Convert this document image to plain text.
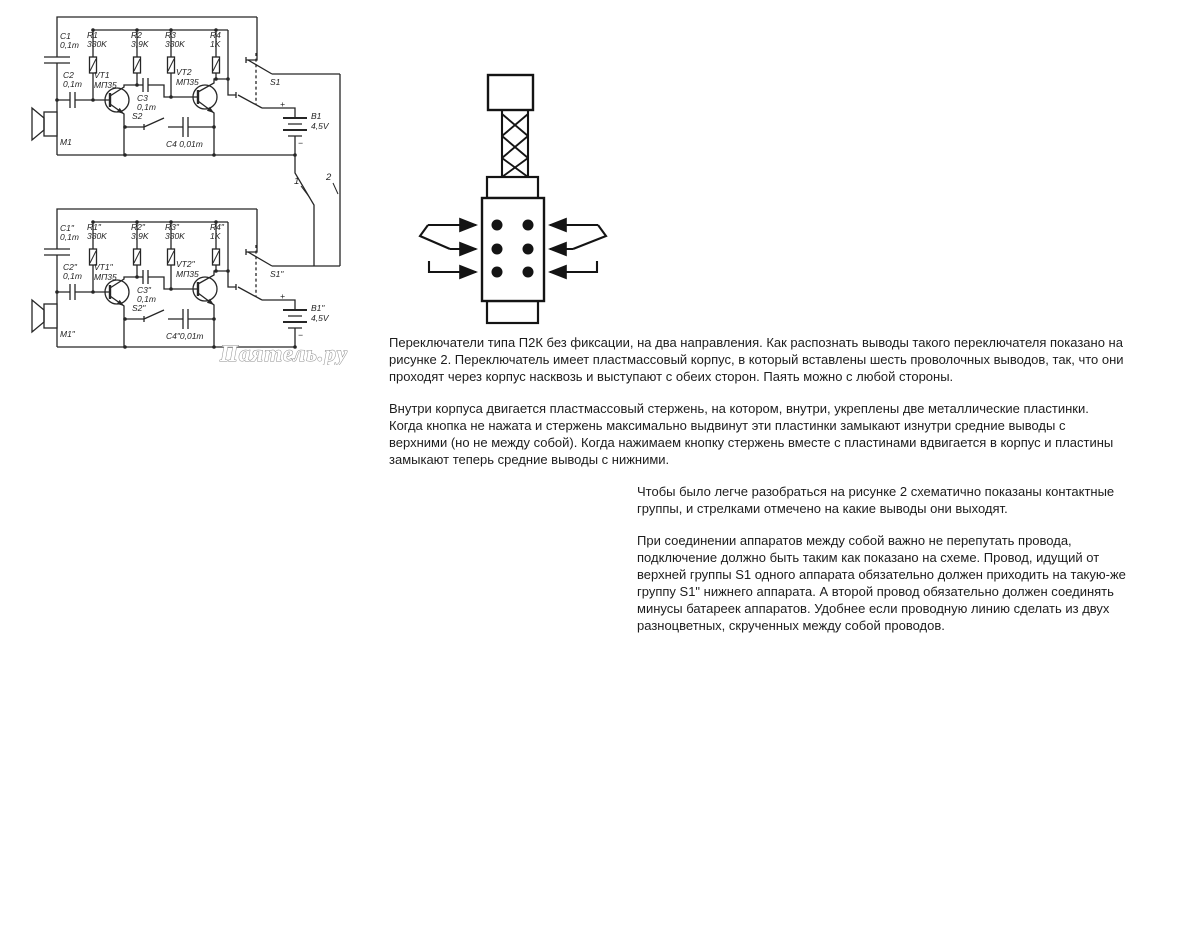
1	2
C1
0,1m
C2
0,1m
R1
330K
R2
3,9K
R3
330K
R4
1K
VT1
МП35
VT2
МП35
C3
0,1m
C4 0,01m
S2
S1
B1
4,5V
M1
+
−
C1"
0,1m
C2"
0,1m
R1"
330K
R2"
3,9K
R3"
330K
R4"
1K
VT1"
МП35
VT2"
МП35
C3"
0,1m
C4"0,01m
S2"
S1"
B1"
4,5V
M1"
+
−
Паятель.ру	Переключатели типа П2К без фиксации, на два направления. Как распознать выводы такого переключателя показано на рисунке 2. Переключатель имеет пластмассовый корпус, в который вставлены шесть проволочных выводов, так, что они проходят через корпус насквозь и выступают с обеих сторон. Паять можно с любой стороны.

Внутри корпуса двигается пластмассовый стержень, на котором, внутри, укреплены две металлические пластинки. Когда кнопка не нажата и стержень максимально выдвинут эти пластинки замыкают изнутри средние выводы с верхними (но не между собой). Когда нажимаем кнопку стержень вместе с пластинами вдвигается в корпус и пластины замыкают теперь средние выводы с нижними.

Чтобы было легче разобраться на рисунке 2 схематично показаны контактные группы, и стрелками отмечено на какие выводы они выходят.

При соединении аппаратов между собой важно не перепутать провода, подключение должно быть таким как показано на схеме. Провод, идущий от верхней группы S1 одного аппарата обязательно должен приходить на такую-же группу S1" нижнего аппарата. А второй провод обязательно должен соединять минусы батареек аппаратов. Удобнее если проводную линию сделать из двух разноцветных, скрученных между собой проводов.
